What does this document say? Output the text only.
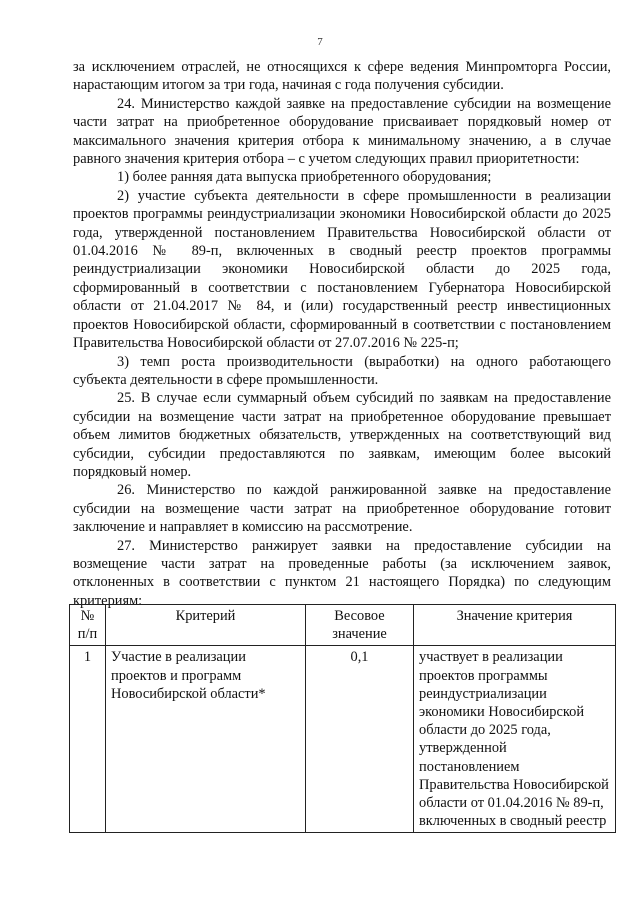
7

за исключением отраслей, не относящихся к сфере ведения Минпромторга России, нарастающим итогом за три года, начиная с года получения субсидии.

24. Министерство каждой заявке на предоставление субсидии на возмещение части затрат на приобретенное оборудование присваивает порядковый номер от максимального значения критерия отбора к минимальному значению, а в случае равного значения критерия отбора – с учетом следующих правил приоритетности:

1) более ранняя дата выпуска приобретенного оборудования;

2) участие субъекта деятельности в сфере промышленности в реализации проектов программы реиндустриализации экономики Новосибирской области до 2025 года, утвержденной постановлением Правительства Новосибирской области от 01.04.2016 № 89-п, включенных в сводный реестр проектов программы реиндустриализации экономики Новосибирской области до 2025 года, сформированный в соответствии с постановлением Губернатора Новосибирской области от 21.04.2017 № 84, и (или) государственный реестр инвестиционных проектов Новосибирской области, сформированный в соответствии с постановлением Правительства Новосибирской области от 27.07.2016 № 225-п;

3) темп роста производительности (выработки) на одного работающего субъекта деятельности в сфере промышленности.

25. В случае если суммарный объем субсидий по заявкам на предоставление субсидии на возмещение части затрат на приобретенное оборудование превышает объем лимитов бюджетных обязательств, утвержденных на соответствующий вид субсидии, субсидии предоставляются по заявкам, имеющим более высокий порядковый номер.

26. Министерство по каждой ранжированной заявке на предоставление субсидии на возмещение части затрат на приобретенное оборудование готовит заключение и направляет в комиссию на рассмотрение.

27. Министерство ранжирует заявки на предоставление субсидии на возмещение части затрат на проведенные работы (за исключением заявок, отклоненных в соответствии с пунктом 21 настоящего Порядка) по следующим критериям:

№ п/п	Критерий	Весовое значение	Значение критерия
1	Участие в реализации проектов и программ Новосибирской области*	0,1	участвует в реализации проектов программы реиндустриализации экономики Новосибирской области до 2025 года, утвержденной постановлением Правительства Новосибирской области от 01.04.2016 № 89-п, включенных в сводный реестр
